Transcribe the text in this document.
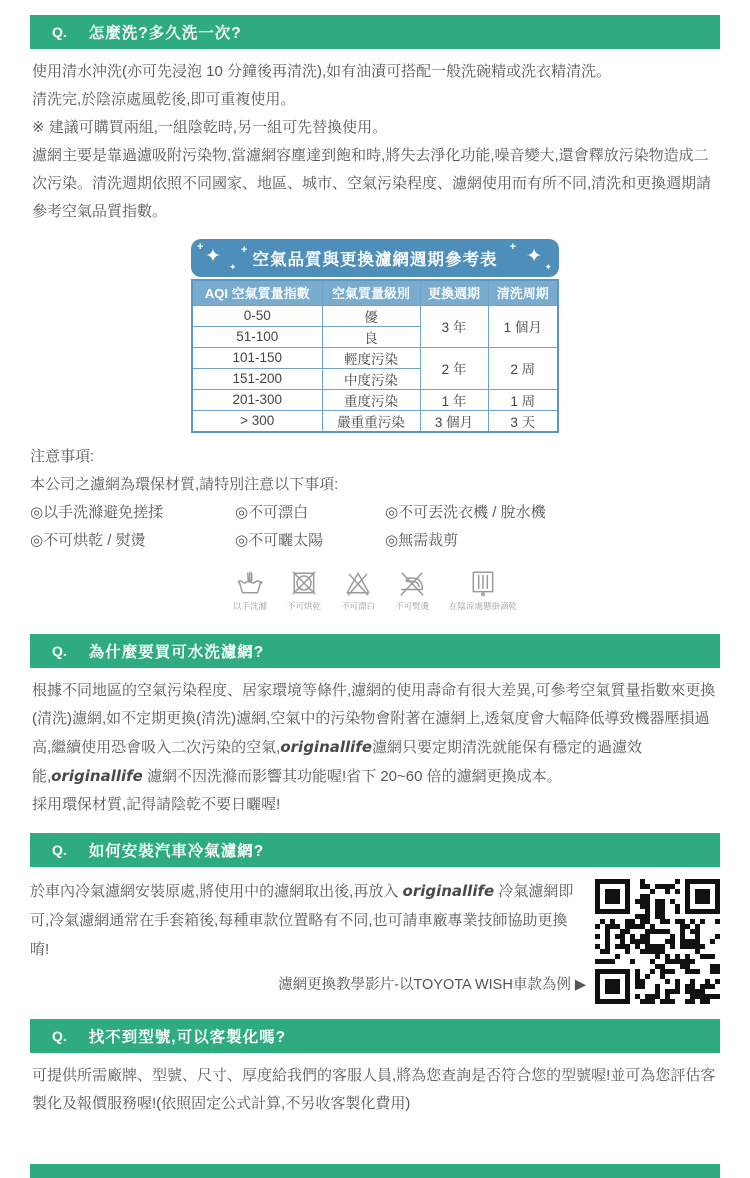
Q. 怎麼洗?多久洗一次?

使用清水沖洗(亦可先浸泡 10 分鐘後再清洗),如有油漬可搭配一般洗碗精或洗衣精清洗。

清洗完,於陰涼處風乾後,即可重複使用。

※ 建議可購買兩組,一組陰乾時,另一組可先替換使用。

濾網主要是靠過濾吸附污染物,當濾網容塵達到飽和時,將失去淨化功能,噪音變大,還會釋放污染物造成二次污染。清洗週期依照不同國家、地區、城市、空氣污染程度、濾網使用而有所不同,清洗和更換週期請參考空氣品質指數。

✦ ✦
+	+
空氣品質與更換濾網週期參考表 ✦ ✦
+
AQI 空氣質量指數	空氣質量級別	更換週期	清洗周期
0-50	優	3 年	1 個月
51-100	良		
101-150	輕度污染	2 年	2 周
151-200	中度污染		
201-300	重度污染	1 年	1 周
> 300	嚴重重污染	3 個月	3 天
注意事項:
本公司之濾網為環保材質,請特別注意以下事項:
◎以手洗滌避免搓揉	◎不可漂白	◎不可丟洗衣機 / 脫水機
◎不可烘乾 / 熨燙	◎不可曬太陽	◎無需裁剪
以手洗滌 不可烘乾 不可漂白 不可熨燙 在陰涼處懸掛滴乾
Q. 為什麼要買可水洗濾網?

根據不同地區的空氣污染程度、居家環境等條件,濾網的使用壽命有很大差異,可參考空氣質量指數來更換(清洗)濾網,如不定期更換(清洗)濾網,空氣中的污染物會附著在濾網上,透氣度會大幅降低導致機器壓損過高,繼續使用恐會吸入二次污染的空氣,originallife濾網只要定期清洗就能保有穩定的過濾效能,originallife 濾網不因洗滌而影響其功能喔!省下 20~60 倍的濾網更換成本。
採用環保材質,記得請陰乾不要日曬喔!

Q. 如何安裝汽車冷氣濾網?

於車內冷氣濾網安裝原處,將使用中的濾網取出後,再放入 originallife 冷氣濾網即可,冷氣濾網通常在手套箱後,每種車款位置略有不同,也可請車廠專業技師協助更換唷!

濾網更換教學影片-以TOYOTA WISH車款為例 ▶
Q. 找不到型號,可以客製化嗎?

可提供所需廠牌、型號、尺寸、厚度給我們的客服人員,將為您查詢是否符合您的型號喔!並可為您評估客製化及報價服務喔!(依照固定公式計算,不另收客製化費用)
